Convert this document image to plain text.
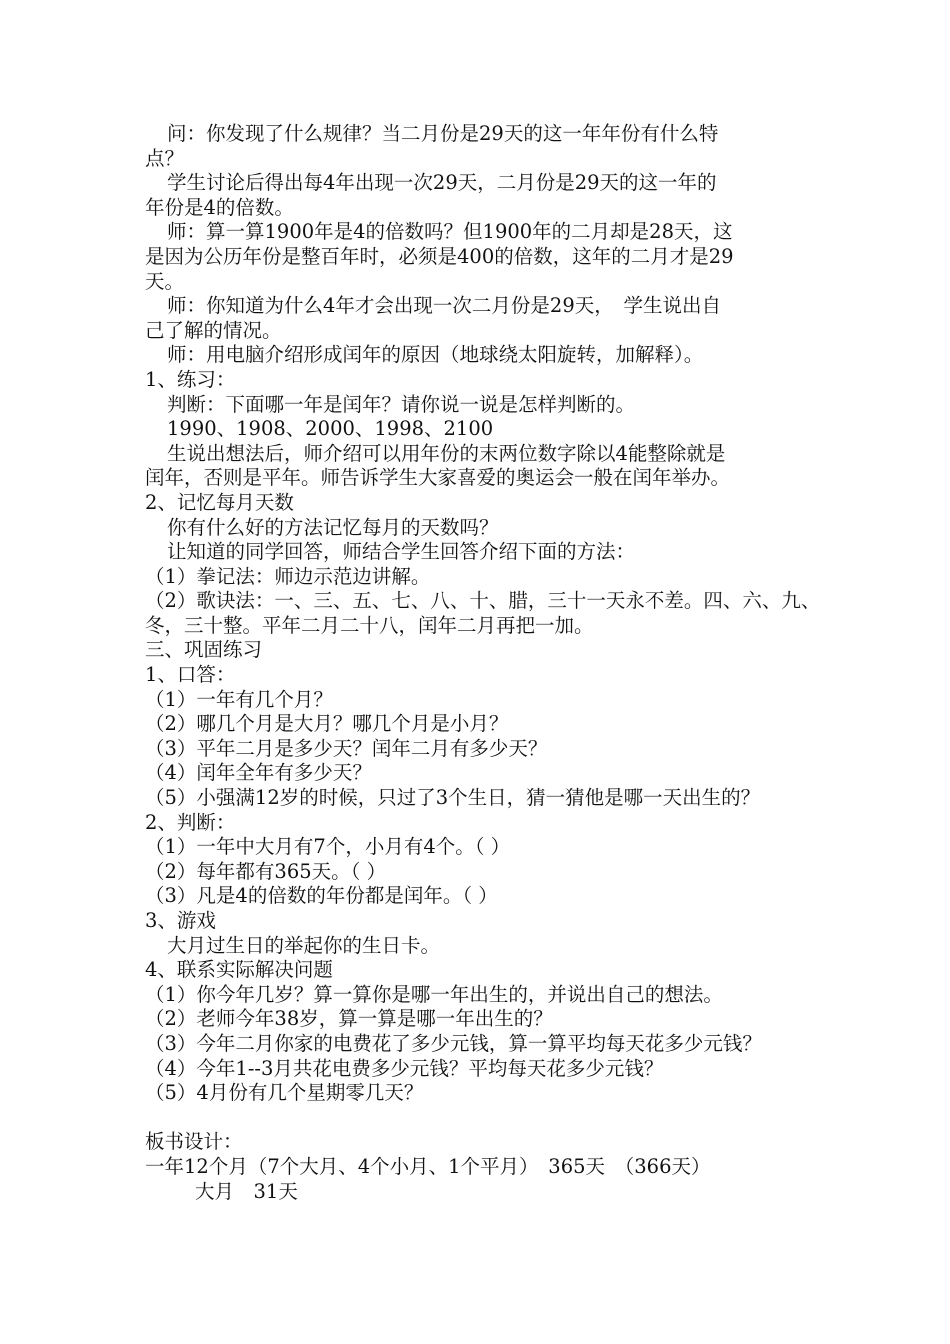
问：你发现了什么规律？当二月份是29天的这一年年份有什么特

点？

学生讨论后得出每4年出现一次29天，二月份是29天的这一年的

年份是4的倍数。

师：算一算1900年是4的倍数吗？但1900年的二月却是28天，这

是因为公历年份是整百年时，必须是400的倍数，这年的二月才是29

天。

师：你知道为什么4年才会出现一次二月份是29天，　学生说出自

己了解的情况。

师：用电脑介绍形成闰年的原因（地球绕太阳旋转，加解释）。

1、练习：

判断：下面哪一年是闰年？请你说一说是怎样判断的。

1990、1908、2000、1998、2100

生说出想法后，师介绍可以用年份的末两位数字除以4能整除就是

闰年，否则是平年。师告诉学生大家喜爱的奥运会一般在闰年举办。

2、记忆每月天数

你有什么好的方法记忆每月的天数吗？

让知道的同学回答，师结合学生回答介绍下面的方法：

（1）拳记法：师边示范边讲解。

（2）歌诀法：一、三、五、七、八、十、腊，三十一天永不差。四、六、九、

冬，三十整。平年二月二十八，闰年二月再把一加。

三、巩固练习

1、口答：

（1）一年有几个月？

（2）哪几个月是大月？哪几个月是小月？

（3）平年二月是多少天？闰年二月有多少天？

（4）闰年全年有多少天？

（5）小强满12岁的时候，只过了3个生日，猜一猜他是哪一天出生的？

2、判断：

（1）一年中大月有7个，小月有4个。（ ）

（2）每年都有365天。（ ）

（3）凡是4的倍数的年份都是闰年。（ ）

3、游戏

大月过生日的举起你的生日卡。

4、联系实际解决问题

（1）你今年几岁？算一算你是哪一年出生的，并说出自己的想法。

（2）老师今年38岁，算一算是哪一年出生的？

（3）今年二月你家的电费花了多少元钱，算一算平均每天花多少元钱？

（4）今年1--3月共花电费多少元钱？平均每天花多少元钱？

（5）4月份有几个星期零几天？

板书设计：

一年12个月（7个大月、4个小月、1个平月）　365天　（366天）

大月　31天
